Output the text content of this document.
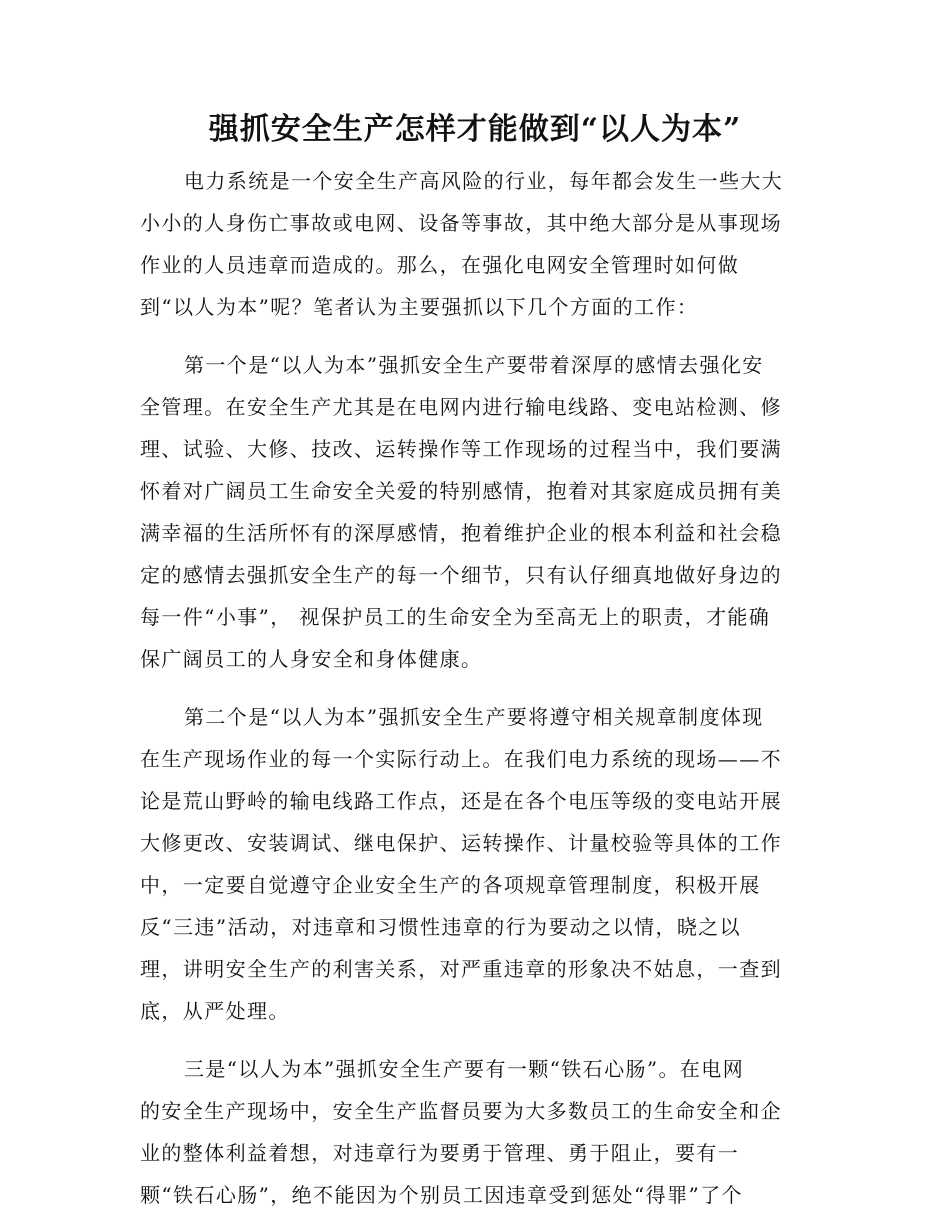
强抓安全生产怎样才能做到“以人为本”
电力系统是一个安全生产高风险的行业，每年都会发生一些大大
小小的人身伤亡事故或电网、设备等事故，其中绝大部分是从事现场
作业的人员违章而造成的。那么，在强化电网安全管理时如何做
到“以人为本”呢？笔者认为主要强抓以下几个方面的工作：
第一个是“以人为本”强抓安全生产要带着深厚的感情去强化安
全管理。在安全生产尤其是在电网内进行输电线路、变电站检测、修
理、试验、大修、技改、运转操作等工作现场的过程当中，我们要满
怀着对广阔员工生命安全关爱的特别感情，抱着对其家庭成员拥有美
满幸福的生活所怀有的深厚感情，抱着维护企业的根本利益和社会稳
定的感情去强抓安全生产的每一个细节，只有认仔细真地做好身边的
每一件“小事”， 视保护员工的生命安全为至高无上的职责，才能确
保广阔员工的人身安全和身体健康。
第二个是“以人为本”强抓安全生产要将遵守相关规章制度体现
在生产现场作业的每一个实际行动上。在我们电力系统的现场——不
论是荒山野岭的输电线路工作点，还是在各个电压等级的变电站开展
大修更改、安装调试、继电保护、运转操作、计量校验等具体的工作
中，一定要自觉遵守企业安全生产的各项规章管理制度，积极开展
反“三违”活动，对违章和习惯性违章的行为要动之以情，晓之以
理，讲明安全生产的利害关系，对严重违章的形象决不姑息，一查到
底，从严处理。
三是“以人为本”强抓安全生产要有一颗“铁石心肠”。在电网
的安全生产现场中，安全生产监督员要为大多数员工的生命安全和企
业的整体利益着想，对违章行为要勇于管理、勇于阻止，要有一
颗“铁石心肠”，绝不能因为个别员工因违章受到惩处“得罪”了个
